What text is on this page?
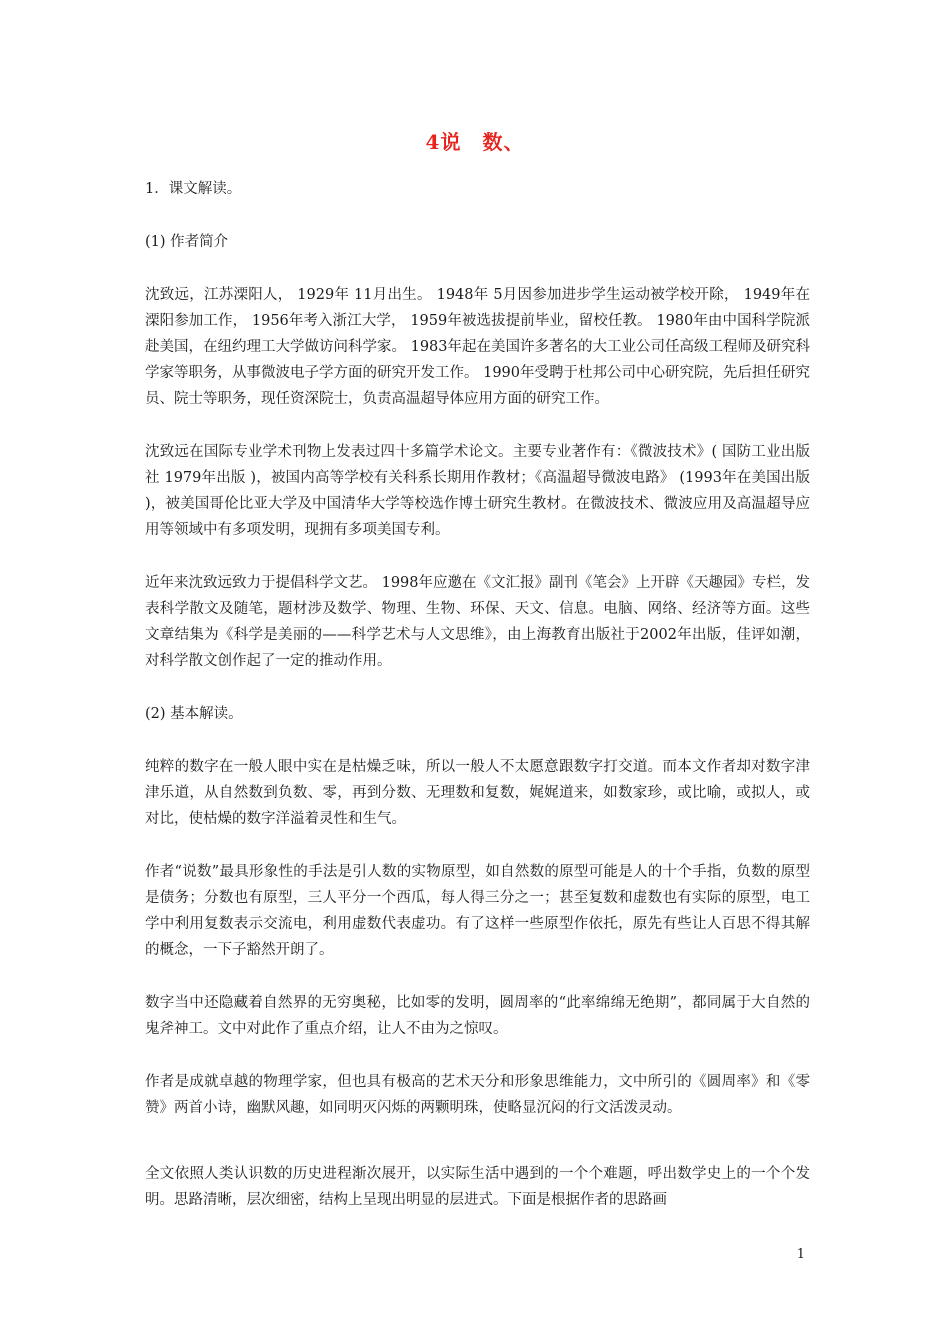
4说　数、

1．课文解读。

(1) 作者简介

沈致远，江苏溧阳人， 1929年 11月出生。 1948年 5月因参加进步学生运动被学校开除， 1949年在溧阳参加工作， 1956年考入浙江大学， 1959年被选拔提前毕业，留校任教。 1980年由中国科学院派赴美国，在纽约理工大学做访问科学家。 1983年起在美国许多著名的大工业公司任高级工程师及研究科学家等职务，从事微波电子学方面的研究开发工作。 1990年受聘于杜邦公司中心研究院，先后担任研究员、院士等职务，现任资深院士，负责高温超导体应用方面的研究工作。

沈致远在国际专业学术刊物上发表过四十多篇学术论文。主要专业著作有：《微波技术》( 国防工业出版社 1979年出版 )，被国内高等学校有关科系长期用作教材；《高温超导微波电路》 (1993年在美国出版 )，被美国哥伦比亚大学及中国清华大学等校选作博士研究生教材。在微波技术、微波应用及高温超导应用等领域中有多项发明，现拥有多项美国专利。

近年来沈致远致力于提倡科学文艺。 1998年应邀在《文汇报》副刊《笔会》上开辟《天趣园》专栏，发表科学散文及随笔，题材涉及数学、物理、生物、环保、天文、信息。电脑、网络、经济等方面。这些文章结集为《科学是美丽的——科学艺术与人文思维》，由上海教育出版社于2002年出版，佳评如潮，对科学散文创作起了一定的推动作用。

(2) 基本解读。

纯粹的数字在一般人眼中实在是枯燥乏味，所以一般人不太愿意跟数字打交道。而本文作者却对数字津津乐道，从自然数到负数、零，再到分数、无理数和复数，娓娓道来，如数家珍，或比喻，或拟人，或对比，使枯燥的数字洋溢着灵性和生气。

作者“说数”最具形象性的手法是引人数的实物原型，如自然数的原型可能是人的十个手指，负数的原型是债务；分数也有原型，三人平分一个西瓜，每人得三分之一；甚至复数和虚数也有实际的原型，电工学中利用复数表示交流电，利用虚数代表虚功。有了这样一些原型作依托，原先有些让人百思不得其解的概念，一下子豁然开朗了。

数字当中还隐藏着自然界的无穷奥秘，比如零的发明，圆周率的“此率绵绵无绝期”，都同属于大自然的鬼斧神工。文中对此作了重点介绍，让人不由为之惊叹。

作者是成就卓越的物理学家，但也具有极高的艺术天分和形象思维能力，文中所引的《圆周率》和《零赞》两首小诗，幽默风趣，如同明灭闪烁的两颗明珠，使略显沉闷的行文活泼灵动。

全文依照人类认识数的历史进程渐次展开，以实际生活中遇到的一个个难题，呼出数学史上的一个个发明。思路清晰，层次细密，结构上呈现出明显的层进式。下面是根据作者的思路画

1
